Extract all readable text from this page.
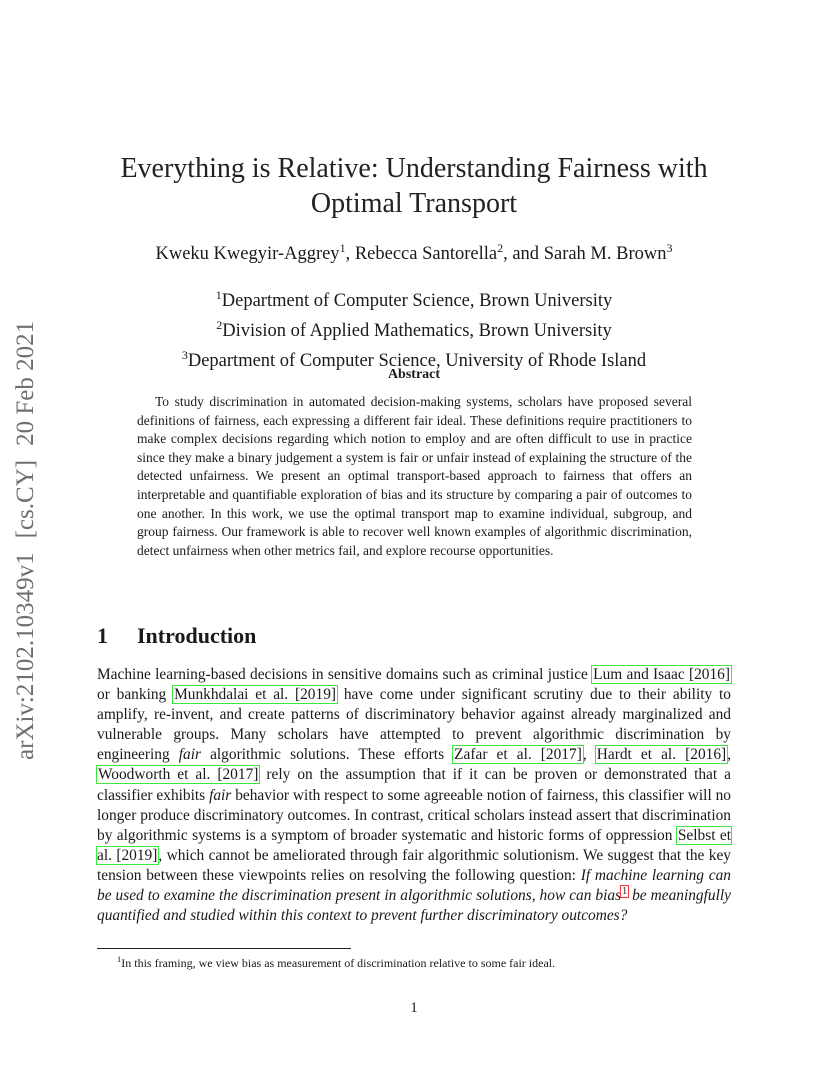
arXiv:2102.10349v1[cs.CY]20 Feb 2021
Everything is Relative: Understanding Fairness with
Optimal Transport
Kweku Kwegyir-Aggrey$^1$, Rebecca Santorella$^2$, and Sarah M. Brown$^3$
$^1$Department of Computer Science, Brown University
$^2$Division of Applied Mathematics, Brown University
$^3$Department of Computer Science, University of Rhode Island
Abstract
To study discrimination in automated decision-making systems, scholars have proposed several definitions of fairness, each expressing a different fair ideal. These definitions require practitioners to make complex decisions regarding which notion to employ and are often difficult to use in practice since they make a binary judgement a system is fair or unfair instead of explaining the structure of the detected unfairness. We present an optimal transport-based approach to fairness that offers an interpretable and quantifiable exploration of bias and its structure by comparing a pair of outcomes to one another. In this work, we use the optimal transport map to examine individual, subgroup, and group fairness. Our framework is able to recover well known examples of algorithmic discrimination, detect unfairness when other metrics fail, and explore recourse opportunities.
1 Introduction
Machine learning-based decisions in sensitive domains such as criminal justice Lum and Isaac [2016] or banking Munkhdalai et al. [2019] have come under significant scrutiny due to their ability to amplify, re-invent, and create patterns of discriminatory behavior against already marginalized and vulnerable groups. Many scholars have attempted to prevent algorithmic discrimination by engineering fair algorithmic solutions. These efforts Zafar et al. [2017], Hardt et al. [2016], Woodworth et al. [2017] rely on the assumption that if it can be proven or demonstrated that a classifier exhibits fair behavior with respect to some agreeable notion of fairness, this classifier will no longer produce discriminatory outcomes. In contrast, critical scholars instead assert that discrimination by algorithmic systems is a symptom of broader systematic and historic forms of oppression Selbst et al. [2019], which cannot be ameliorated through fair algorithmic solutionism. We suggest that the key tension between these viewpoints relies on resolving the following question: If machine learning can be used to examine the discrimination present in algorithmic solutions, how can bias$^1$ be meaningfully quantified and studied within this context to prevent further discriminatory outcomes?
$^1$In this framing, we view bias as measurement of discrimination relative to some fair ideal.
1
